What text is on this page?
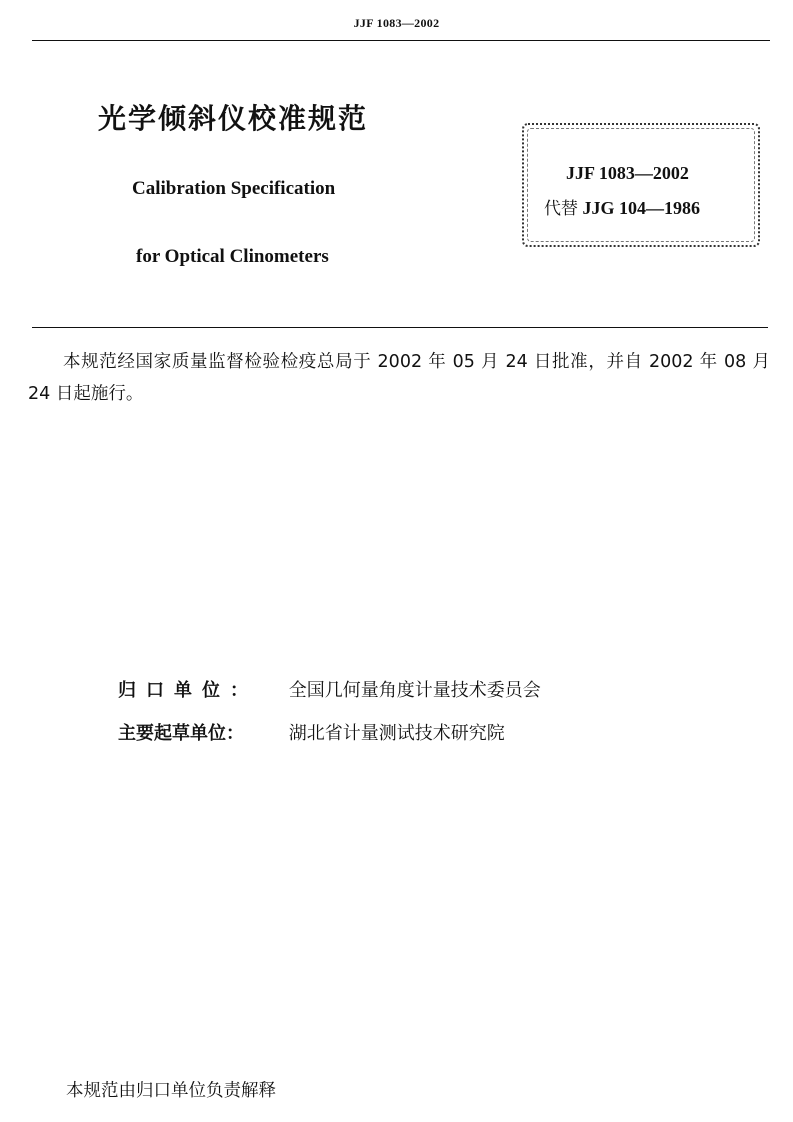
JJF 1083—2002
光学倾斜仪校准规范
Calibration Specification
for Optical Clinometers
JJF 1083—2002
代替 JJG 104—1986
本规范经国家质量监督检验检疫总局于 2002 年 05 月 24 日批准，并自 2002 年 08 月 24 日起施行。
归口单位： 全国几何量角度计量技术委员会
主要起草单位： 湖北省计量测试技术研究院
本规范由归口单位负责解释
